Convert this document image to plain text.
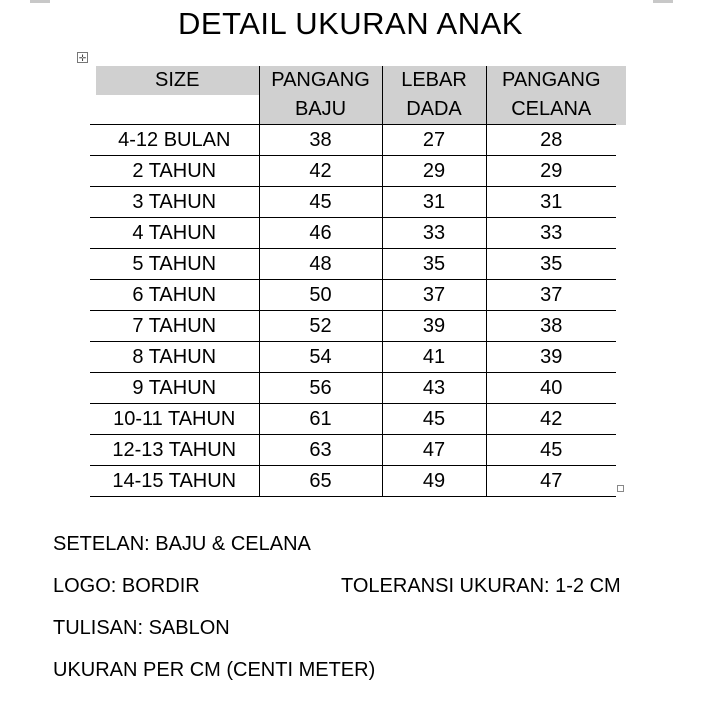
DETAIL UKURAN ANAK
✛
SIZE	PANGANG	LEBAR	PANGANG
	BAJU	DADA	CELANA
4-12 BULAN	38	27	28
2 TAHUN	42	29	29
3 TAHUN	45	31	31
4 TAHUN	46	33	33
5 TAHUN	48	35	35
6 TAHUN	50	37	37
7 TAHUN	52	39	38
8 TAHUN	54	41	39
9 TAHUN	56	43	40
10-11 TAHUN	61	45	42
12-13 TAHUN	63	47	45
14-15 TAHUN	65	49	47
SETELAN: BAJU & CELANA
LOGO: BORDIR	TOLERANSI UKURAN: 1-2 CM
TULISAN: SABLON
UKURAN PER CM (CENTI METER)
